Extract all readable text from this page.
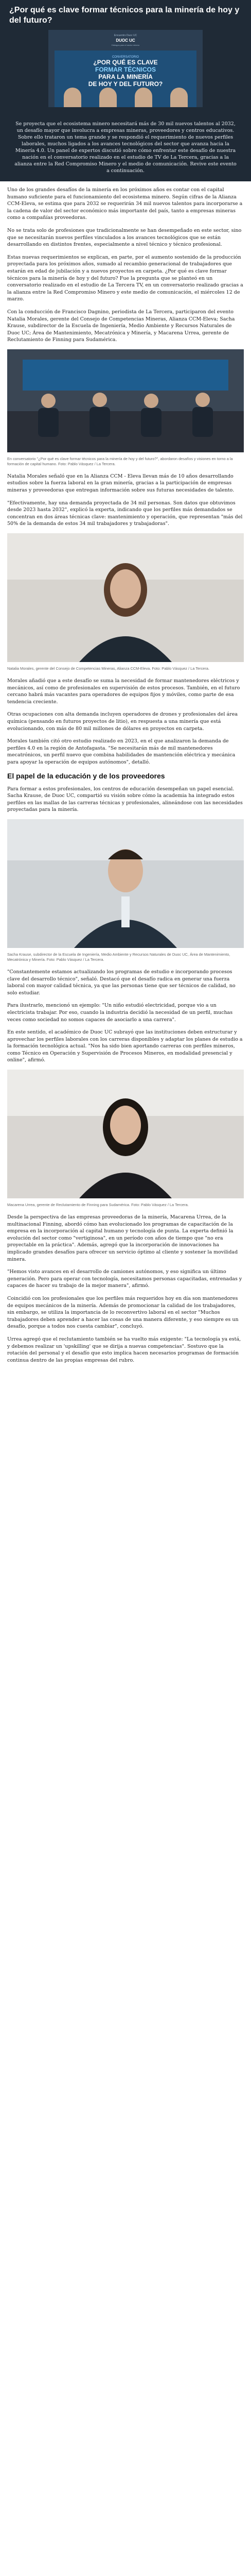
¿Por qué es clave formar técnicos para la minería de hoy y del futuro?
Encuentro Duoc UC
DUOC UC
Diálogos para el sector minero
CONVERSATORIO
¿POR QUÉ ES CLAVE
FORMAR TÉCNICOS
PARA LA MINERÍA
DE HOY Y DEL FUTURO?
Se proyecta que el ecosistema minero necesitará más de 30 mil nuevos talentos al 2032, un desafío mayor que involucra a empresas mineras, proveedores y centros educativos. Sobre ello trataron un tema grande y se respondió el requerimiento de nuevos perfiles laborales, muchos ligados a los avances tecnológicos del sector que avanza hacia la Minería 4.0. Un panel de expertos discutió sobre cómo enfrentar este desafío de nuestra nación en el conversatorio realizado en el estudio de TV de La Tercera, gracias a la alianza entre la Red Compromiso Minero y el medio de comunicación. Revive este evento a continuación.

Uno de los grandes desafíos de la minería en los próximos años es contar con el capital humano suficiente para el funcionamiento del ecosistema minero. Según cifras de la Alianza CCM-Eleva, se estima que para 2032 se requerirán 34 mil nuevos talentos para incorporarse a la cadena de valor del sector económico más importante del país, tanto a empresas mineras como a compañías proveedoras.

No se trata solo de profesiones que tradicionalmente se han desempeñado en este sector, sino que se necesitarán nuevos perfiles vinculados a los avances tecnológicos que se están desarrollando en distintos frentes, especialmente a nivel técnico y técnico profesional.

Estas nuevas requerimientos se explican, en parte, por el aumento sostenido de la producción proyectada para los próximos años, sumado al recambio generacional de trabajadores que estarán en edad de jubilación y a nuevos proyectos en carpeta. ¿Por qué es clave formar técnicos para la minería de hoy y del futuro? Fue la pregunta que se planteó en un conversatorio realizado en el estudio de La Tercera TV, en un conversatorio realizado gracias a la alianza entre la Red Compromiso Minero y este medio de comunicación, el miércoles 12 de marzo.

Con la conducción de Francisco Dagnino, periodista de La Tercera, participaron del evento Natalia Morales, gerente del Consejo de Competencias Mineras, Alianza CCM-Eleva; Sacha Krause, subdirector de la Escuela de Ingeniería, Medio Ambiente y Recursos Naturales de Duoc UC; Área de Mantenimiento, Mecatrónica y Minería, y Macarena Urrea, gerente de Reclutamiento de Finning para Sudamérica.

En conversatorio "¿Por qué es clave formar técnicos para la minería de hoy y del futuro?", abordaron desafíos y visiones en torno a la formación de capital humano. Foto: Pablo Vásquez / La Tercera.

Natalia Morales señaló que en la Alianza CCM - Eleva llevan más de 10 años desarrollando estudios sobre la fuerza laboral en la gran minería, gracias a la participación de empresas mineras y proveedoras que entregan información sobre sus futuras necesidades de talento.

"Efectivamente, hay una demanda proyectada de 34 mil personas. Son datos que obtuvimos desde 2023 hasta 2032", explicó la experta, indicando que los perfiles más demandados se concentran en dos áreas técnicas clave: mantenimiento y operación, que representan "más del 50% de la demanda de estos 34 mil trabajadores y trabajadoras".

Natalia Morales, gerente del Consejo de Competencias Mineras, Alianza CCM-Eleva. Foto: Pablo Vásquez / La Tercera.

Morales añadió que a este desafío se suma la necesidad de formar mantenedores eléctricos y mecánicos, así como de profesionales en supervisión de estos procesos. También, en el futuro cercano habrá más vacantes para operadores de equipos fijos y móviles, como parte de esa tendencia creciente.

Otras ocupaciones con alta demanda incluyen operadores de drones y profesionales del área química (pensando en futuros proyectos de litio), en respuesta a una minería que está evolucionando, con más de 80 mil millones de dólares en proyectos en carpeta.

Morales también citó otro estudio realizado en 2023, en el que analizaron la demanda de perfiles 4.0 en la región de Antofagasta. "Se necesitarán más de mil mantenedores mecatrónicos, un perfil nuevo que combina habilidades de mantención eléctrica y mecánica para apoyar la operación de equipos autónomos", detalló.

El papel de la educación y de los proveedores

Para formar a estos profesionales, los centros de educación desempeñan un papel esencial. Sacha Krause, de Duoc UC, compartió su visión sobre cómo la academia ha integrado estos perfiles en las mallas de las carreras técnicas y profesionales, alineándose con las necesidades proyectadas para la minería.

Sacha Krause, subdirector de la Escuela de Ingeniería, Medio Ambiente y Recursos Naturales de Duoc UC, Área de Mantenimiento, Mecatrónica y Minería. Foto: Pablo Vásquez / La Tercera.

"Constantemente estamos actualizando los programas de estudio e incorporando procesos clave del desarrollo técnico", señaló. Destacó que el desafío radica en generar una fuerza laboral con mayor calidad técnica, ya que las personas tiene que ser técnicos de calidad, no solo estudiar.

Para ilustrarlo, mencionó un ejemplo: "Un niño estudió electricidad, porque vio a un electricista trabajar. Por eso, cuando la industria decidió la necesidad de un perfil, muchas veces como sociedad no somos capaces de asociarlo a una carrera".

En este sentido, el académico de Duoc UC subrayó que las instituciones deben estructurar y aprovechar los perfiles laborales con los carreras disponibles y adaptar los planes de estudio a la formación tecnológica actual. "Nos ha sido bien aportando carreras con perfiles mineros, como Técnico en Operación y Supervisión de Procesos Mineros, en modalidad presencial y online", afirmó.

Macarena Urrea, gerente de Reclutamiento de Finning para Sudamérica. Foto: Pablo Vásquez / La Tercera.

Desde la perspectiva de las empresas proveedoras de la minería, Macarena Urrea, de la multinacional Finning, abordó cómo han evolucionado los programas de capacitación de la empresa en la incorporación al capital humano y tecnología de punta. La experta definió la evolución del sector como "vertiginosa", en un período con años de tiempo que "no era proyectable en la práctica". Además, agregó que la incorporación de innovaciones ha implicado grandes desafíos para ofrecer un servicio óptimo al cliente y sostener la movilidad minera.

"Hemos visto avances en el desarrollo de camiones autónomos, y eso significa un último generación. Pero para operar con tecnología, necesitamos personas capacitadas, entrenadas y capaces de hacer su trabajo de la mejor manera", afirmó.

Coincidió con los profesionales que los perfiles más requeridos hoy en día son mantenedores de equipos mecánicos de la minería. Además de promocionar la calidad de los trabajadores, sin embargo, se utiliza la importancia de lo reconvertivo laboral en el sector "Muchos trabajadores deben aprender a hacer las cosas de una manera diferente, y eso siempre es un desafío, porque a todos nos cuesta cambiar", concluyó.

Urrea agregó que el reclutamiento también se ha vuelto más exigente: "La tecnología ya está, y debemos realizar un 'upskilling' que se dirija a nuevas competencias". Sostuvo que la rotación del personal y el desafío que esto implica hacen necesarios programas de formación continua dentro de las propias empresas del rubro.
